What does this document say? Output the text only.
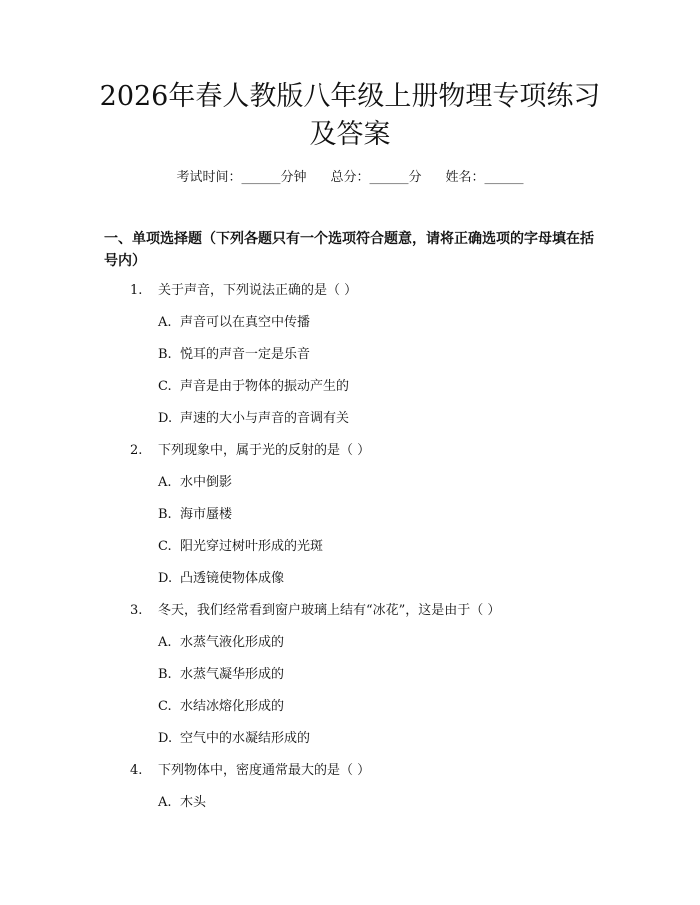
2026年春人教版八年级上册物理专项练习及答案
考试时间：______分钟 总分：______分 姓名：______
一、单项选择题（下列各题只有一个选项符合题意，请将正确选项的字母填在括号内）
1. 关于声音，下列说法正确的是（ ）
A. 声音可以在真空中传播
B. 悦耳的声音一定是乐音
C. 声音是由于物体的振动产生的
D. 声速的大小与声音的音调有关
2. 下列现象中，属于光的反射的是（ ）
A. 水中倒影
B. 海市蜃楼
C. 阳光穿过树叶形成的光斑
D. 凸透镜使物体成像
3. 冬天，我们经常看到窗户玻璃上结有“冰花”，这是由于（ ）
A. 水蒸气液化形成的
B. 水蒸气凝华形成的
C. 水结冰熔化形成的
D. 空气中的水凝结形成的
4. 下列物体中，密度通常最大的是（ ）
A. 木头
